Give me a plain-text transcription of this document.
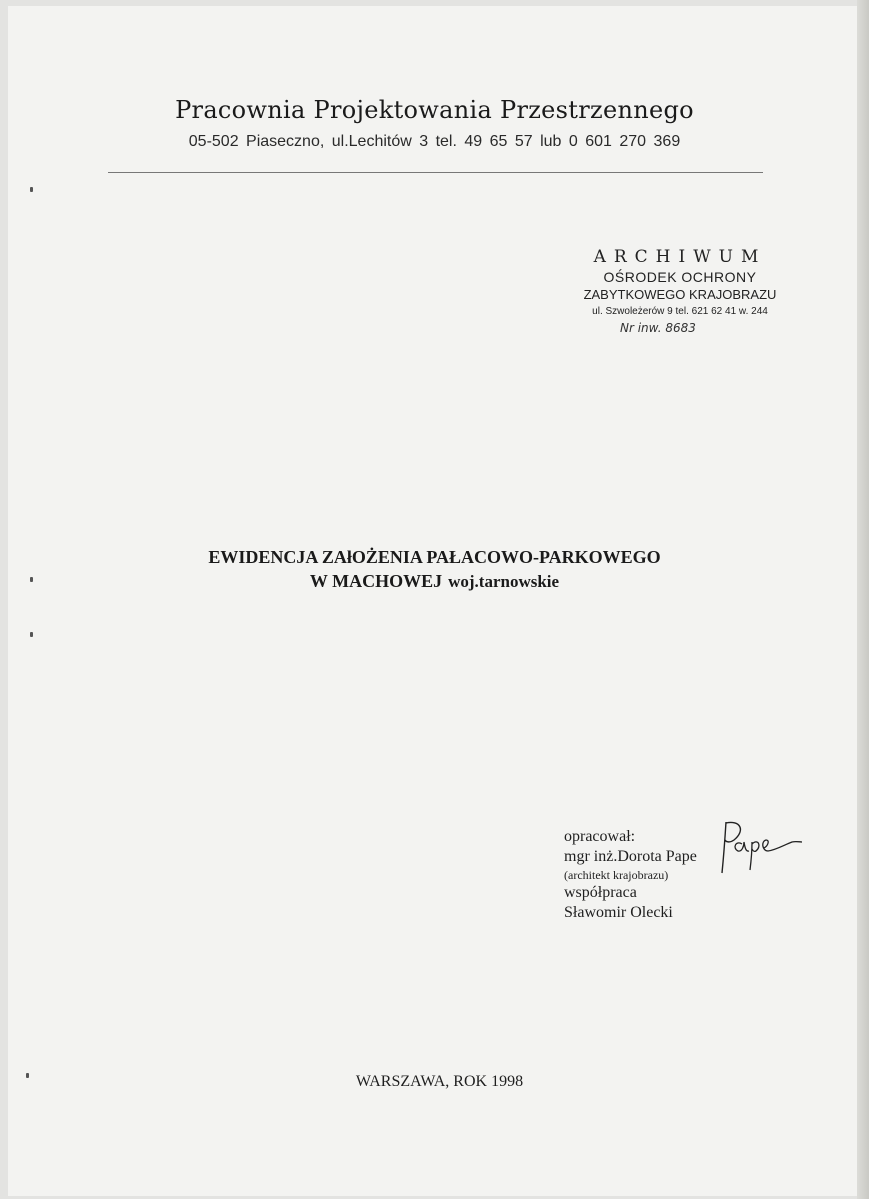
Pracownia Projektowania Przestrzennego
05-502 Piaseczno, ul.Lechitów 3 tel. 49 65 57 lub 0 601 270 369
ARCHIWUM
OŚRODEK OCHRONY
ZABYTKOWEGO KRAJOBRAZU
ul. Szwoleżerów 9 tel. 621 62 41 w. 244
Nr inw. 8683
EWIDENCJA ZAłOŻENIA PAŁACOWO-PARKOWEGO
W MACHOWEJ woj.tarnowskie
opracował:
mgr inż.Dorota Pape
(architekt krajobrazu)
współpraca
Sławomir Olecki
WARSZAWA, ROK 1998
